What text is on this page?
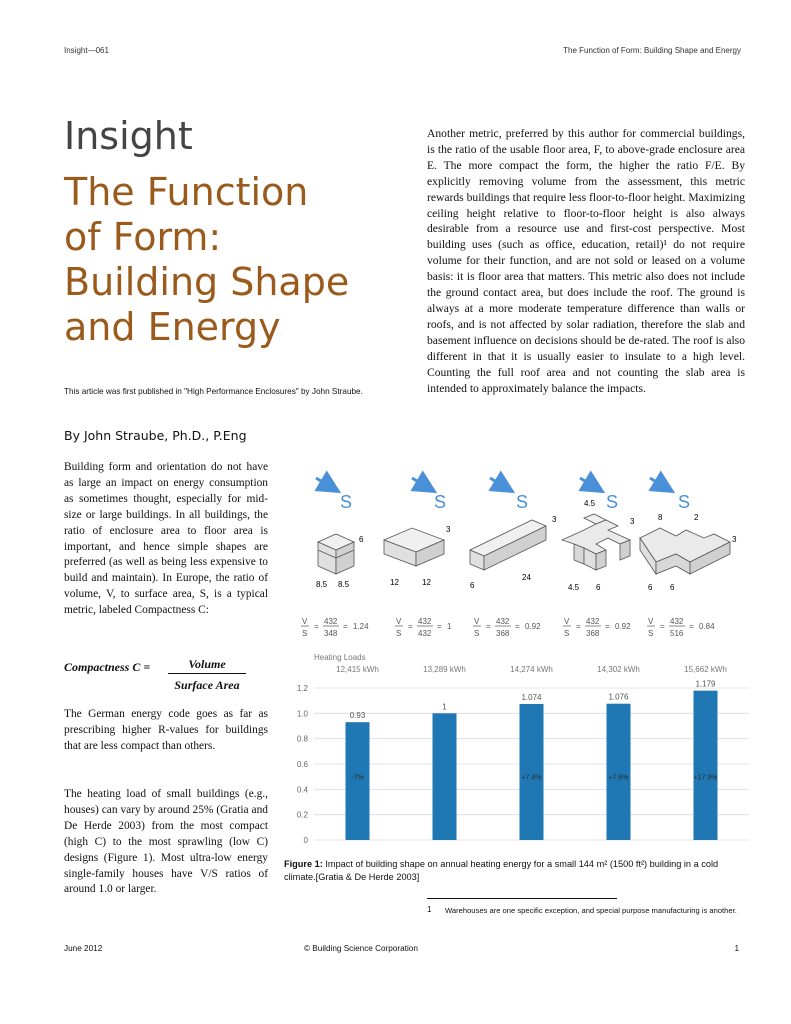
Insight—061	The Function of Form: Building Shape and Energy
Insight
The Function
of Form:
Building Shape
and Energy
This article was first published in "High Performance Enclosures" by John Straube.
By John Straube, Ph.D., P.Eng

Building form and orientation do not have as large an impact on energy consumption as sometimes thought, especially for mid-size or large buildings. In all buildings, the ratio of enclosure area to floor area is important, and hence simple shapes are preferred (as well as being less expensive to build and maintain). In Europe, the ratio of volume, V, to surface area, S, is a typical metric, labeled Compactness C:

Compactness C =	Volume
Surface Area

The German energy code goes as far as prescribing higher R-values for buildings that are less compact than others.

The heating load of small buildings (e.g., houses) can vary by around 25% (Gratia and De Herde 2003) from the most compact (high C) to the most sprawling (low C) designs (Figure 1). Most ultra-low energy single-family houses have V/S ratios of around 1.0 or larger.

Another metric, preferred by this author for commercial buildings, is the ratio of the usable floor area, F, to above-grade enclosure area E. The more compact the form, the higher the ratio F/E. By explicitly removing volume from the assessment, this metric rewards buildings that require less floor-to-floor height. Maximizing ceiling height relative to floor-to-floor height is also always desirable from a resource use and first-cost perspective. Most building uses (such as office, education, retail)¹ do not require volume for their function, and are not sold or leased on a volume basis: it is floor area that matters. This metric also does not include the ground contact area, but does include the roof. The ground is always at a more moderate temperature difference than walls or roofs, and is not affected by solar radiation, therefore the slab and basement influence on decisions should be de-rated. The roof is also different in that it is usually easier to insulate to a high level. Counting the full roof area and not counting the slab area is intended to approximately balance the impacts.

S	S	S	S	S
6
8.5 8.5
3
12	12
3
24
6
4.5
3
4.5 6
8	2
3
6 6
V
S
=
432
348
= 1.24
V
S
=
432
432
= 1
V
S
=
432
368
= 0.92
V
S
=
432
368
= 0.92
V
S
=
432
516
= 0.84
Heating Loads
0
0.2
0.4
0.6
0.8
1.0
1.2
12,415 kWh
0.93
-7%
13,289 kWh
1
14,274 kWh
1.074
+7.4%
14,302 kWh
1.076
+7.6%
15,662 kWh
1.179
+17.9%
Figure 1: Impact of building shape on annual heating energy for a small 144 m² (1500 ft²) building in a cold climate.[Gratia & De Herde 2003]
1 Warehouses are one specific exception, and special purpose manufacturing is another.
June 2012	© Building Science Corporation	1
